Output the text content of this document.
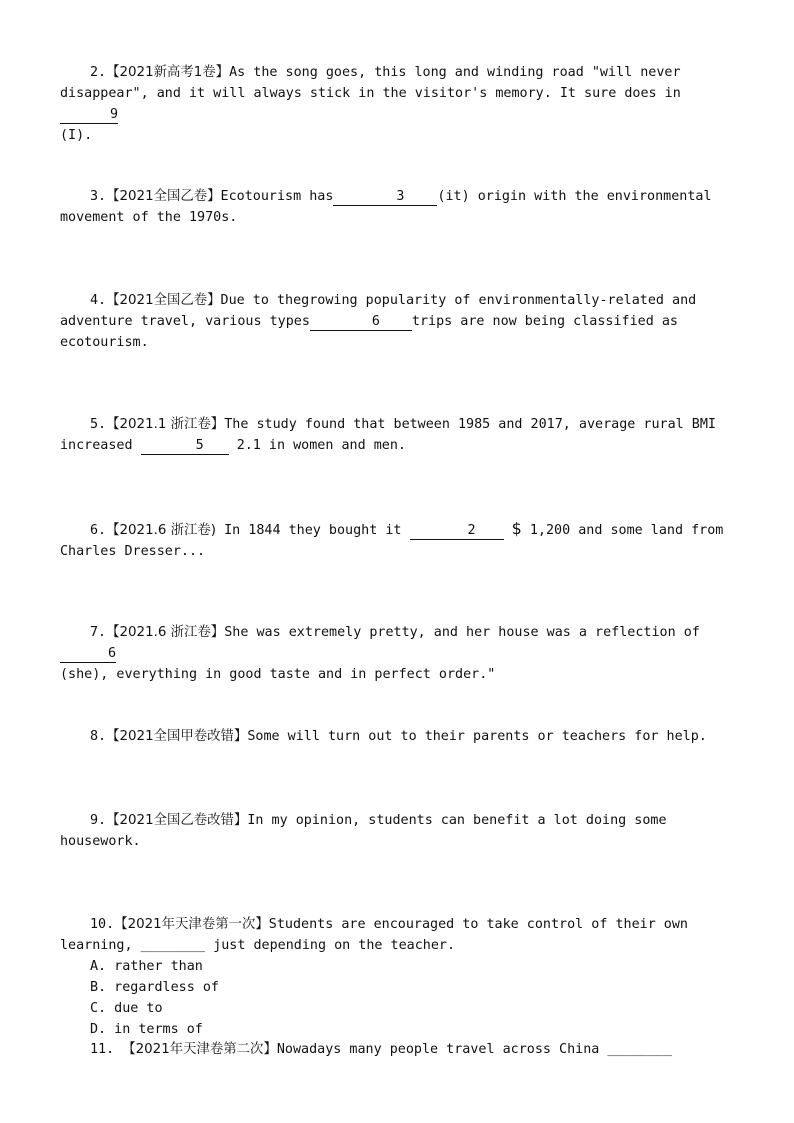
2.【2021新高考1卷】As the song goes, this long and winding road "will never disappear", and it will always stick in the visitor's memory. It sure does in9
(I).
3.【2021全国乙卷】Ecotourism has	3 (it) origin with the environmental movement of the 1970s.
4.【2021全国乙卷】Due to thegrowing popularity of environmentally-related and adventure travel, various types	6 trips are now being classified as ecotourism.
5.【2021.1 浙江卷】The study found that between 1985 and 2017, average rural BMI increased	5 2.1 in women and men.
6.【2021.6 浙江卷) In 1844 they bought it	2 $ 1,200 and some land from Charles Dresser...
7.【2021.6 浙江卷】She was extremely pretty, and her house was a reflection of6
(she), everything in good taste and in perfect order."
8.【2021全国甲卷改错】Some will turn out to their parents or teachers for help.
9.【2021全国乙卷改错】In my opinion, students can benefit a lot doing some housework.
10.【2021年天津卷第一次】Students are encouraged to take control of their own learning, ________ just depending on the teacher.
A. rather than
B. regardless of
C. due to
D. in terms of
11. 【2021年天津卷第二次】Nowadays many people travel across China ________
